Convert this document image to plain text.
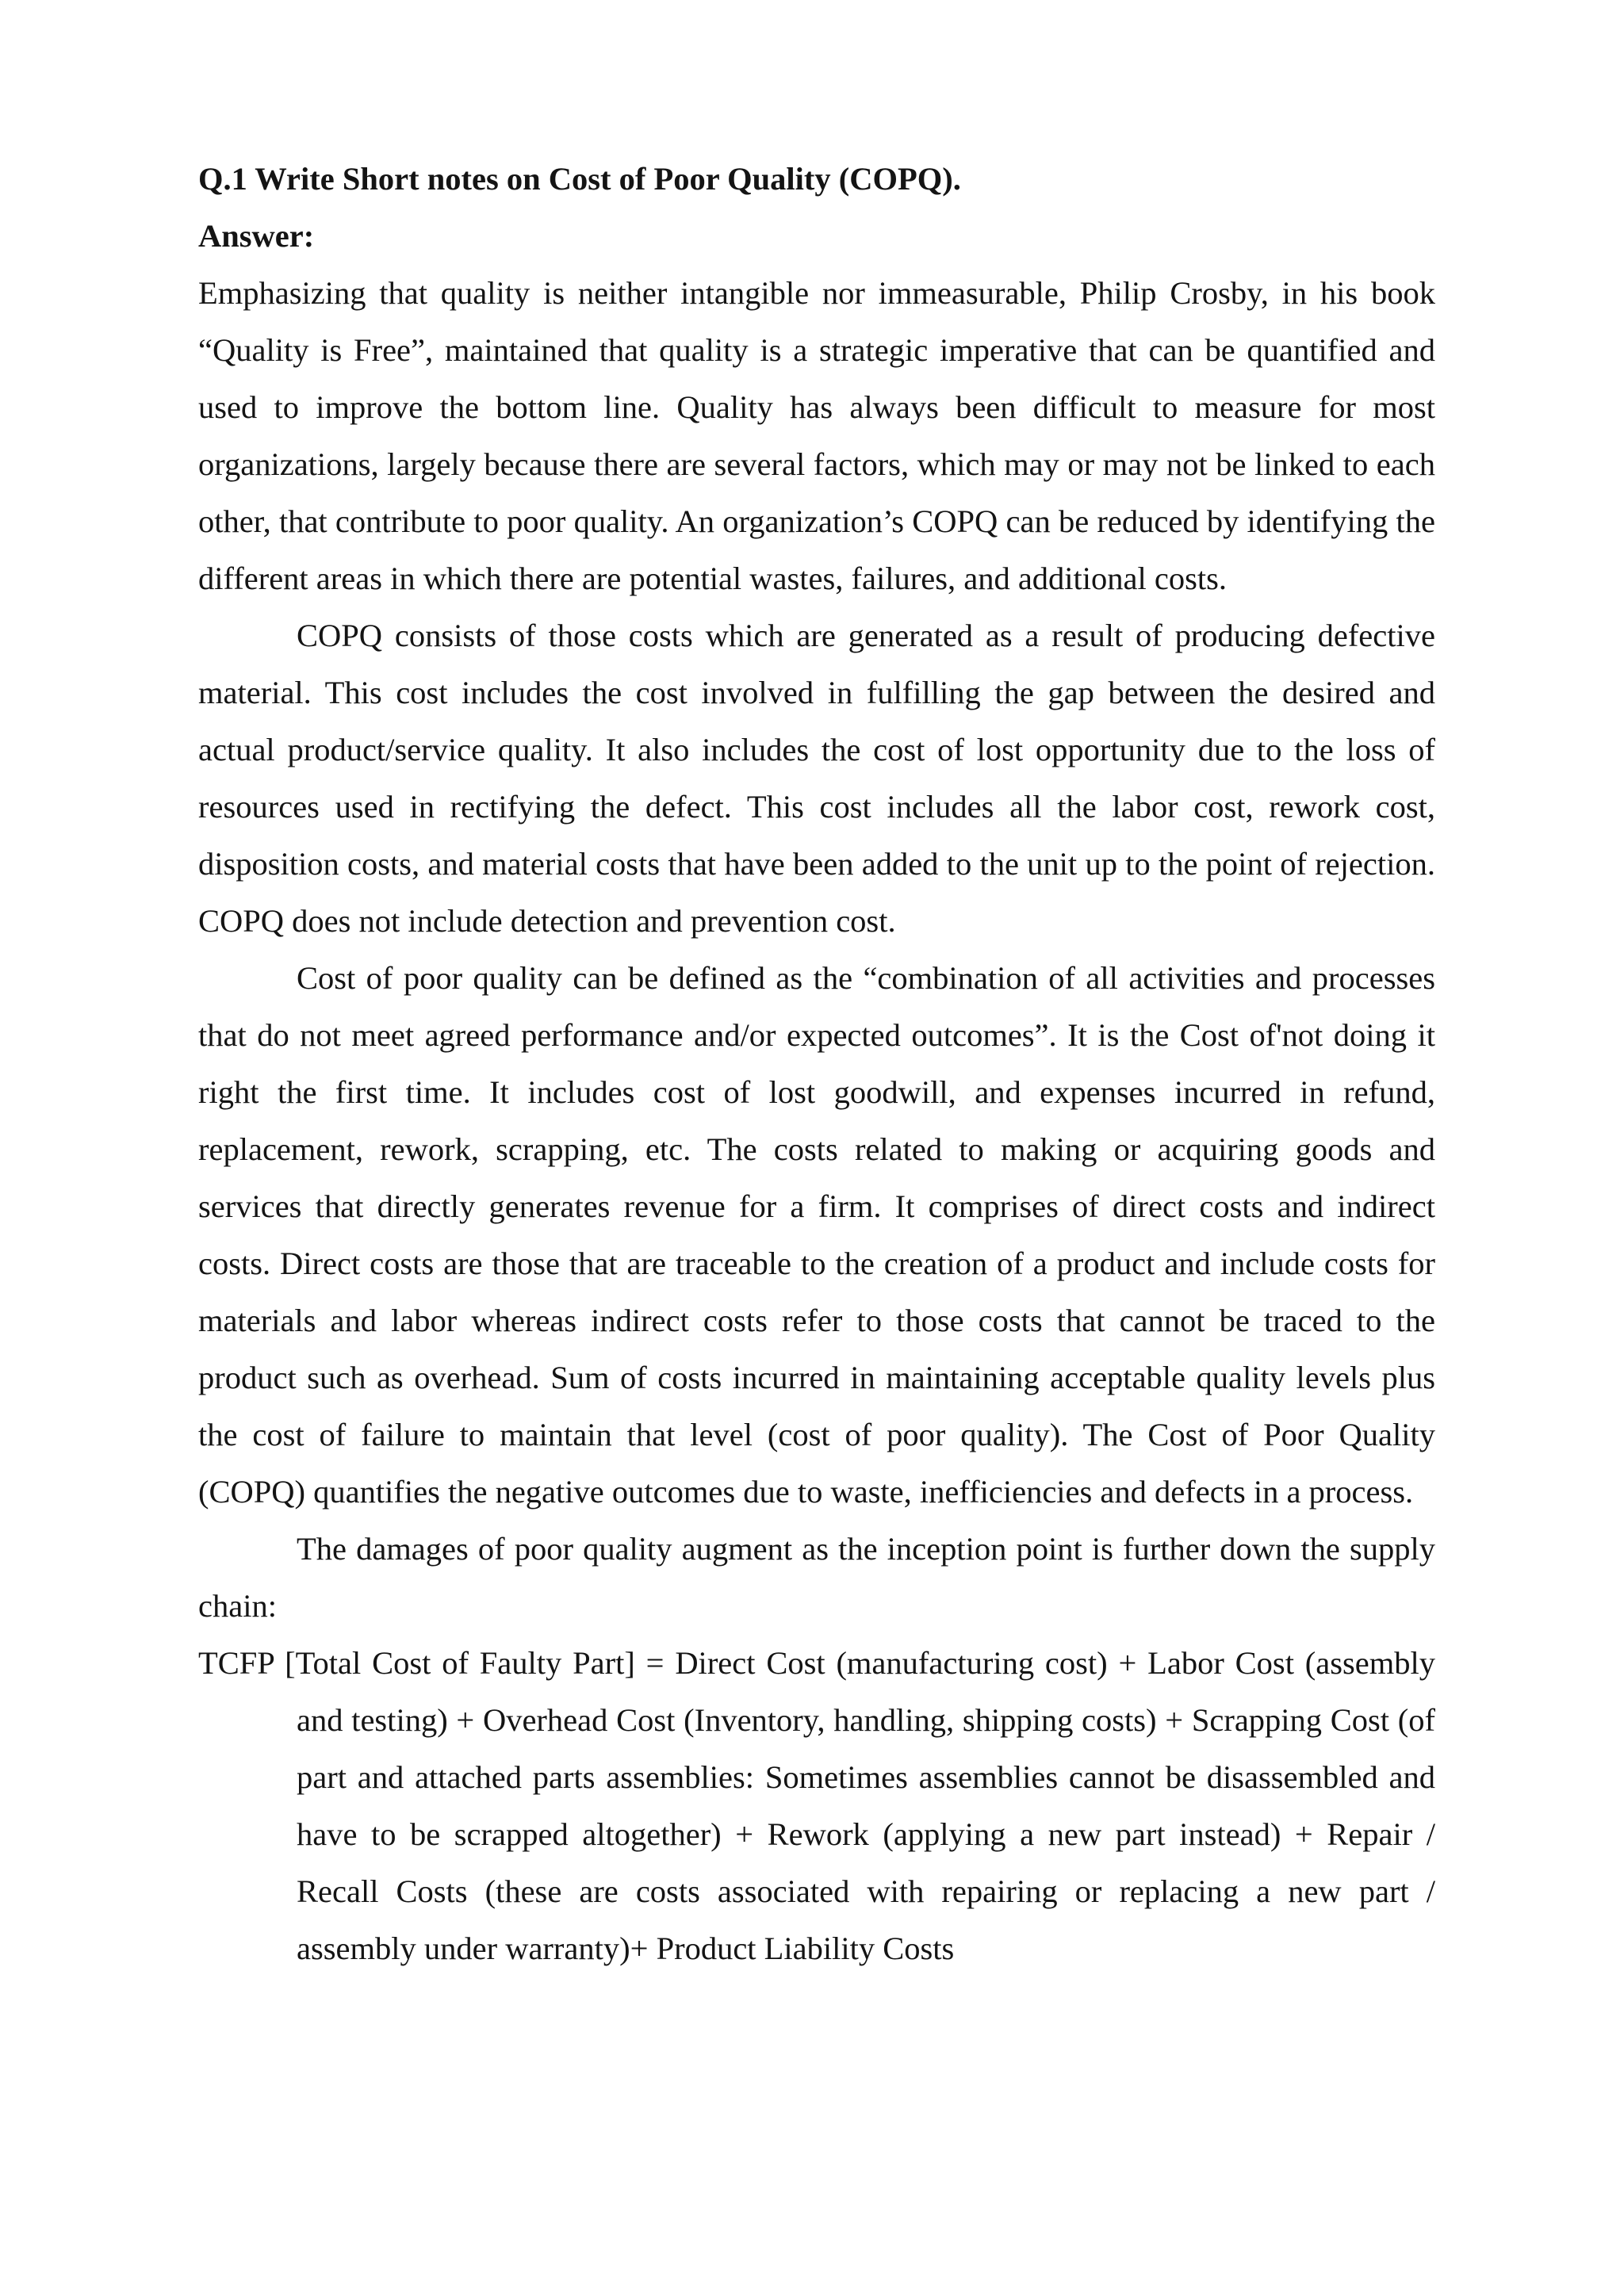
Q.1 Write Short notes on Cost of Poor Quality (COPQ).
Answer:

Emphasizing that quality is neither intangible nor immeasurable, Philip Crosby, in his book “Quality is Free”, maintained that quality is a strategic imperative that can be quantified and used to improve the bottom line. Quality has always been difficult to measure for most organizations, largely because there are several factors, which may or may not be linked to each other, that contribute to poor quality. An organization’s COPQ can be reduced by identifying the different areas in which there are potential wastes, failures, and additional costs.

COPQ consists of those costs which are generated as a result of producing defective material. This cost includes the cost involved in fulfilling the gap between the desired and actual product/service quality. It also includes the cost of lost opportunity due to the loss of resources used in rectifying the defect. This cost includes all the labor cost, rework cost, disposition costs, and material costs that have been added to the unit up to the point of rejection. COPQ does not include detection and prevention cost.

Cost of poor quality can be defined as the “combination of all activities and processes that do not meet agreed performance and/or expected outcomes”. It is the Cost of'not doing it right the first time. It includes cost of lost goodwill, and expenses incurred in refund, replacement, rework, scrapping, etc. The costs related to making or acquiring goods and services that directly generates revenue for a firm. It comprises of direct costs and indirect costs. Direct costs are those that are traceable to the creation of a product and include costs for materials and labor whereas indirect costs refer to those costs that cannot be traced to the product such as overhead. Sum of costs incurred in maintaining acceptable quality levels plus the cost of failure to maintain that level (cost of poor quality). The Cost of Poor Quality (COPQ) quantifies the negative outcomes due to waste, inefficiencies and defects in a process.

The damages of poor quality augment as the inception point is further down the supply chain:

TCFP [Total Cost of Faulty Part] = Direct Cost (manufacturing cost) + Labor Cost (assembly and testing) + Overhead Cost (Inventory, handling, shipping costs) + Scrapping Cost (of part and attached parts assemblies: Sometimes assemblies cannot be disassembled and have to be scrapped altogether) + Rework (applying a new part instead) + Repair / Recall Costs (these are costs associated with repairing or replacing a new part / assembly under warranty)+ Product Liability Costs
